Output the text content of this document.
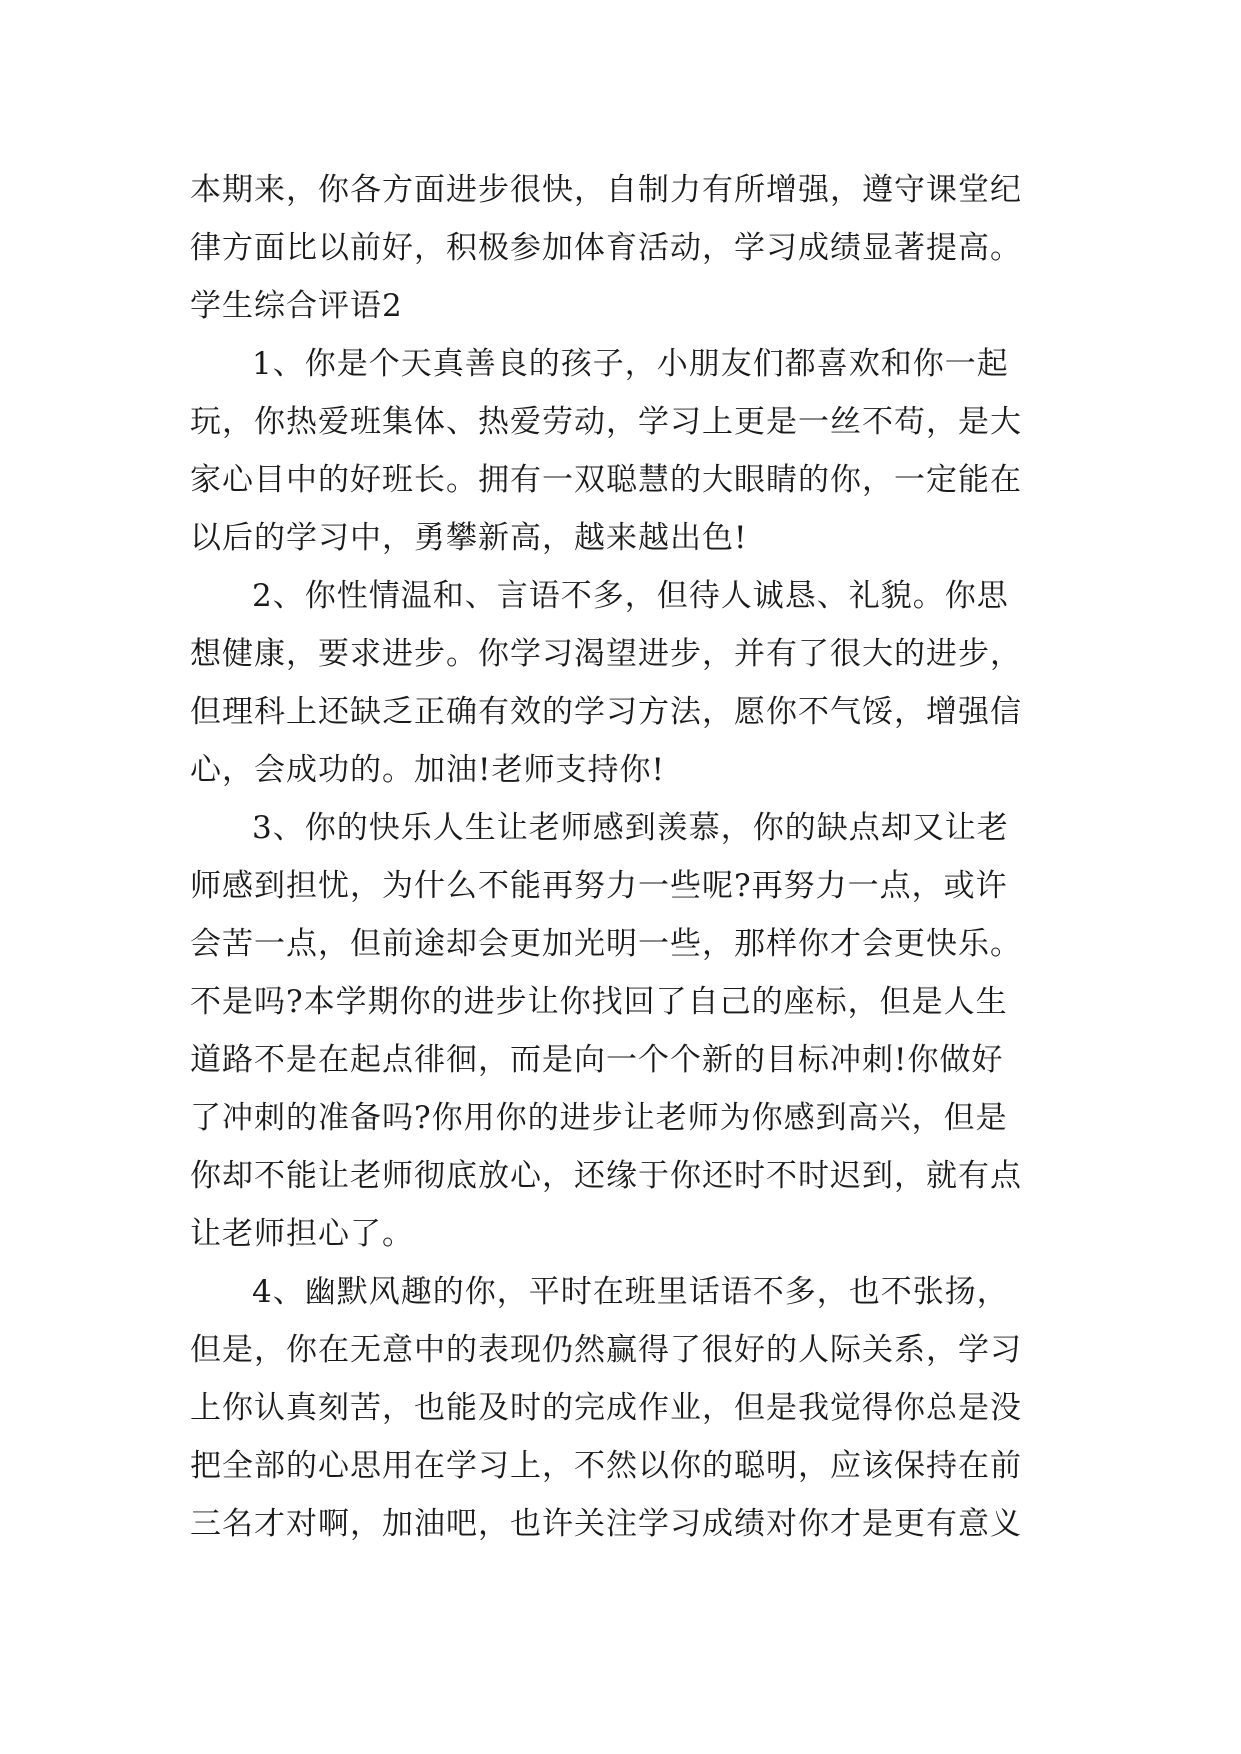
本期来，你各方面进步很快，自制力有所增强，遵守课堂纪
律方面比以前好，积极参加体育活动，学习成绩显著提高。
学生综合评语2
1、你是个天真善良的孩子，小朋友们都喜欢和你一起
玩，你热爱班集体、热爱劳动，学习上更是一丝不苟，是大
家心目中的好班长。拥有一双聪慧的大眼睛的你，一定能在
以后的学习中，勇攀新高，越来越出色!
2、你性情温和、言语不多，但待人诚恳、礼貌。你思
想健康，要求进步。你学习渴望进步，并有了很大的进步，
但理科上还缺乏正确有效的学习方法，愿你不气馁，增强信
心，会成功的。加油!老师支持你!
3、你的快乐人生让老师感到羡慕，你的缺点却又让老
师感到担忧，为什么不能再努力一些呢?再努力一点，或许
会苦一点，但前途却会更加光明一些，那样你才会更快乐。
不是吗?本学期你的进步让你找回了自己的座标，但是人生
道路不是在起点徘徊，而是向一个个新的目标冲刺!你做好
了冲刺的准备吗?你用你的进步让老师为你感到高兴，但是
你却不能让老师彻底放心，还缘于你还时不时迟到，就有点
让老师担心了。
4、幽默风趣的你，平时在班里话语不多，也不张扬，
但是，你在无意中的表现仍然赢得了很好的人际关系，学习
上你认真刻苦，也能及时的完成作业，但是我觉得你总是没
把全部的心思用在学习上，不然以你的聪明，应该保持在前
三名才对啊，加油吧，也许关注学习成绩对你才是更有意义
